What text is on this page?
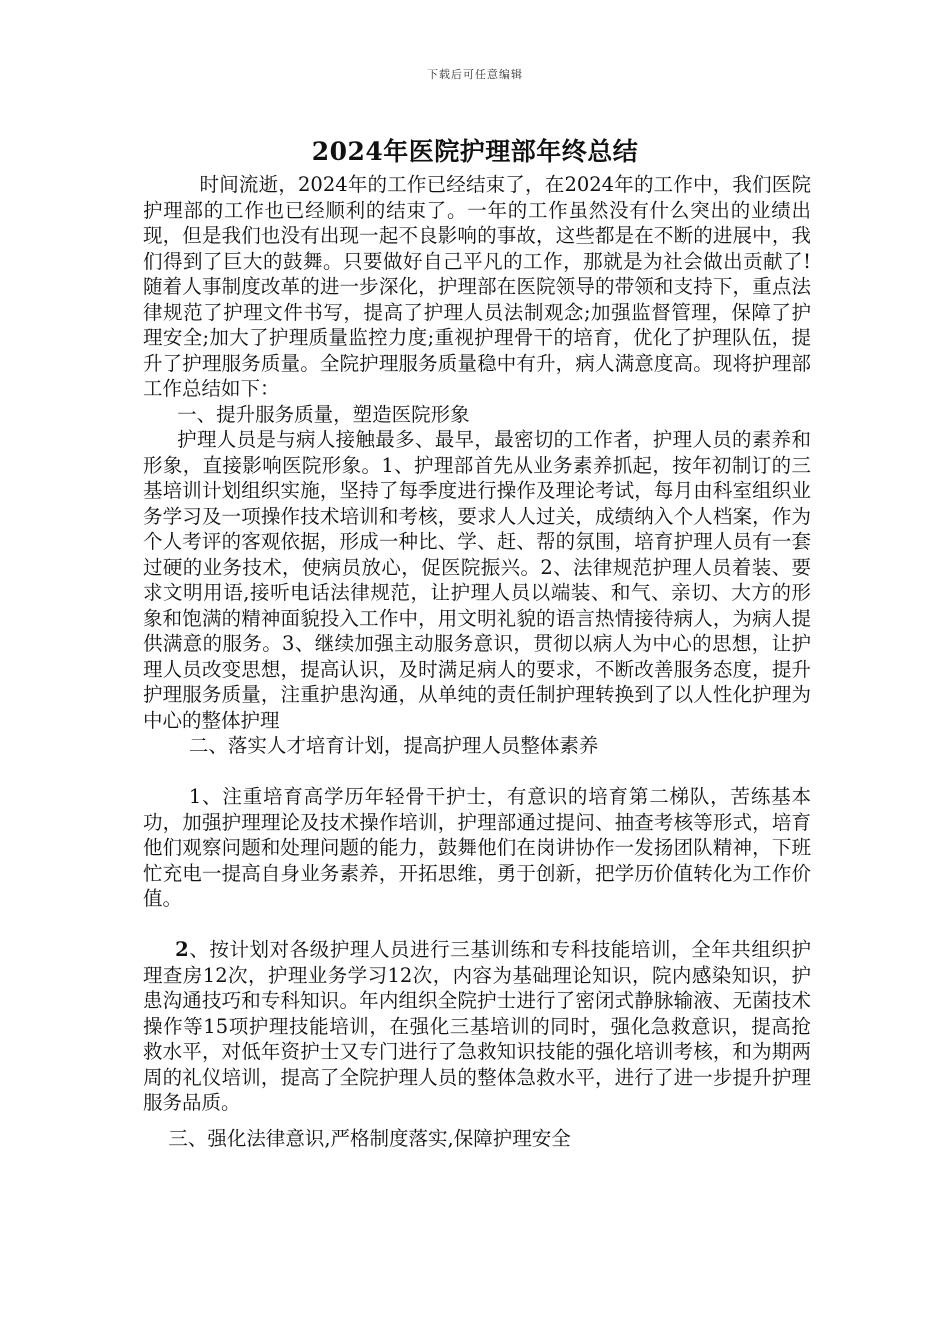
下载后可任意编辑
2024年医院护理部年终总结

时间流逝，2024年的工作已经结束了，在2024年的工作中，我们医院护理部的工作也已经顺利的结束了。一年的工作虽然没有什么突出的业绩出现，但是我们也没有出现一起不良影响的事故，这些都是在不断的进展中，我们得到了巨大的鼓舞。只要做好自己平凡的工作，那就是为社会做出贡献了!随着人事制度改革的进一步深化，护理部在医院领导的带领和支持下，重点法律规范了护理文件书写，提高了护理人员法制观念;加强监督管理，保障了护理安全;加大了护理质量监控力度;重视护理骨干的培育，优化了护理队伍，提升了护理服务质量。全院护理服务质量稳中有升，病人满意度高。现将护理部工作总结如下：

一、提升服务质量，塑造医院形象

护理人员是与病人接触最多、最早，最密切的工作者，护理人员的素养和形象，直接影响医院形象。1、护理部首先从业务素养抓起，按年初制订的三基培训计划组织实施，坚持了每季度进行操作及理论考试，每月由科室组织业务学习及一项操作技术培训和考核，要求人人过关，成绩纳入个人档案，作为个人考评的客观依据，形成一种比、学、赶、帮的氛围，培育护理人员有一套过硬的业务技术，使病员放心，促医院振兴。2、法律规范护理人员着装、要求文明用语,接听电话法律规范，让护理人员以端装、和气、亲切、大方的形象和饱满的精神面貌投入工作中，用文明礼貌的语言热情接待病人，为病人提供满意的服务。3、继续加强主动服务意识，贯彻以病人为中心的思想，让护理人员改变思想，提高认识，及时满足病人的要求，不断改善服务态度，提升护理服务质量，注重护患沟通，从单纯的责任制护理转换到了以人性化护理为中心的整体护理

二、落实人才培育计划，提高护理人员整体素养

1、注重培育高学历年轻骨干护士，有意识的培育第二梯队，苦练基本功，加强护理理论及技术操作培训，护理部通过提问、抽查考核等形式，培育他们观察问题和处理问题的能力，鼓舞他们在岗讲协作一发扬团队精神，下班忙充电一提高自身业务素养，开拓思维，勇于创新，把学历价值转化为工作价值。

2、按计划对各级护理人员进行三基训练和专科技能培训，全年共组织护理查房12次，护理业务学习12次，内容为基础理论知识，院内感染知识，护患沟通技巧和专科知识。年内组织全院护士进行了密闭式静脉输液、无菌技术操作等15项护理技能培训，在强化三基培训的同时，强化急救意识，提高抢救水平，对低年资护士又专门进行了急救知识技能的强化培训考核，和为期两周的礼仪培训，提高了全院护理人员的整体急救水平，进行了进一步提升护理服务品质。

三、强化法律意识,严格制度落实,保障护理安全
